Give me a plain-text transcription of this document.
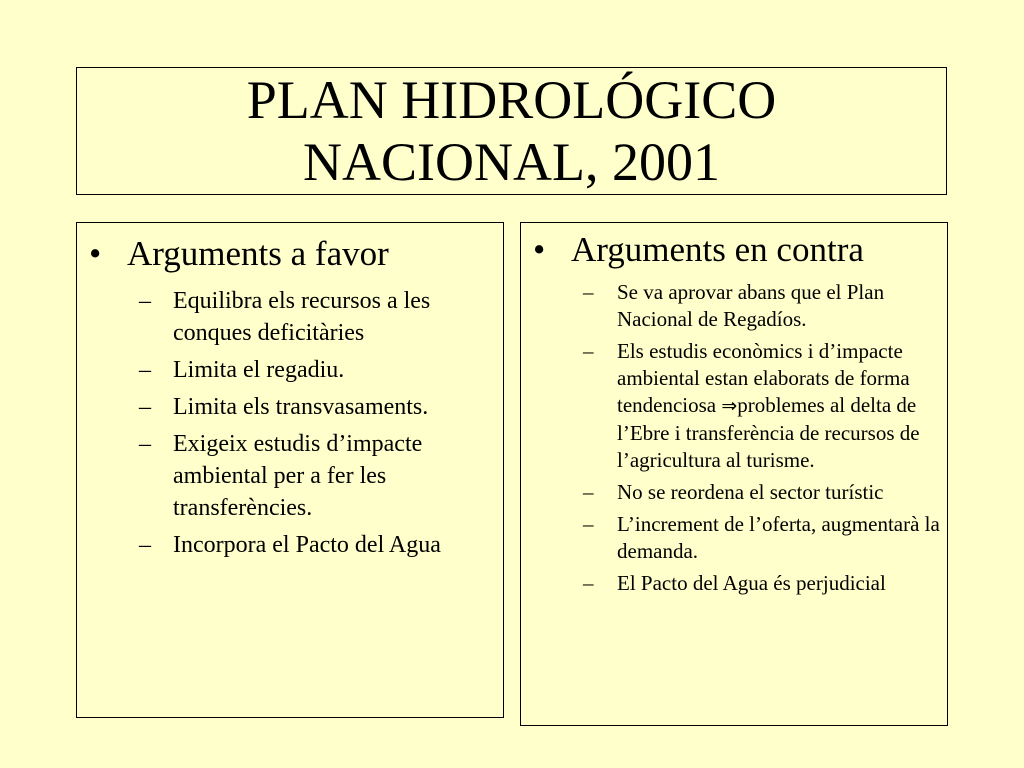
PLAN HIDROLÓGICO
NACIONAL, 2001
• Arguments a favor
– Equilibra els recursos a les conques deficitàries
– Limita el regadiu.
– Limita els transvasaments.
– Exigeix estudis d’impacte ambiental per a fer les transferències.
– Incorpora el Pacto del Agua
• Arguments en contra
–	Se va aprovar abans que el Plan Nacional de Regadíos.
–	Els estudis econòmics i d’impacte ambiental estan elaborats de forma tendenciosa ⇒problemes al delta de l’Ebre i transferència de recursos de l’agricultura al turisme.
–	No se reordena el sector turístic
–	L’increment de l’oferta, augmentarà la demanda.
–	El Pacto del Agua és perjudicial
